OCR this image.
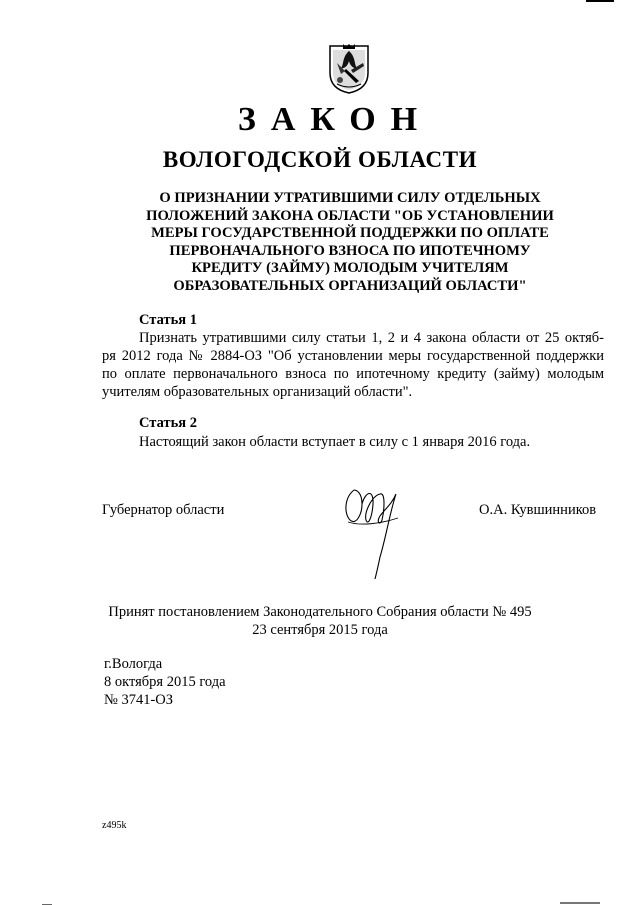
ЗАКОН
ВОЛОГОДСКОЙ ОБЛАСТИ
О ПРИЗНАНИИ УТРАТИВШИМИ СИЛУ ОТДЕЛЬНЫХ
ПОЛОЖЕНИЙ ЗАКОНА ОБЛАСТИ "ОБ УСТАНОВЛЕНИИ
МЕРЫ ГОСУДАРСТВЕННОЙ ПОДДЕРЖКИ ПО ОПЛАТЕ
ПЕРВОНАЧАЛЬНОГО ВЗНОСА ПО ИПОТЕЧНОМУ
КРЕДИТУ (ЗАЙМУ) МОЛОДЫМ УЧИТЕЛЯМ
ОБРАЗОВАТЕЛЬНЫХ ОРГАНИЗАЦИЙ ОБЛАСТИ"
Статья 1
Признать утратившими силу статьи 1, 2 и 4 закона области от 25 октяб-
ря 2012 года № 2884-ОЗ "Об установлении меры государственной поддержки
по оплате первоначального взноса по ипотечному кредиту (займу) молодым
учителям образовательных организаций области".
Статья 2
Настоящий закон области вступает в силу с 1 января 2016 года.
Губернатор области	О.А. Кувшинников
Принят постановлением Законодательного Собрания области № 495
23 сентября 2015 года
г.Вологда
8 октября 2015 года
№ 3741-ОЗ
z495k
